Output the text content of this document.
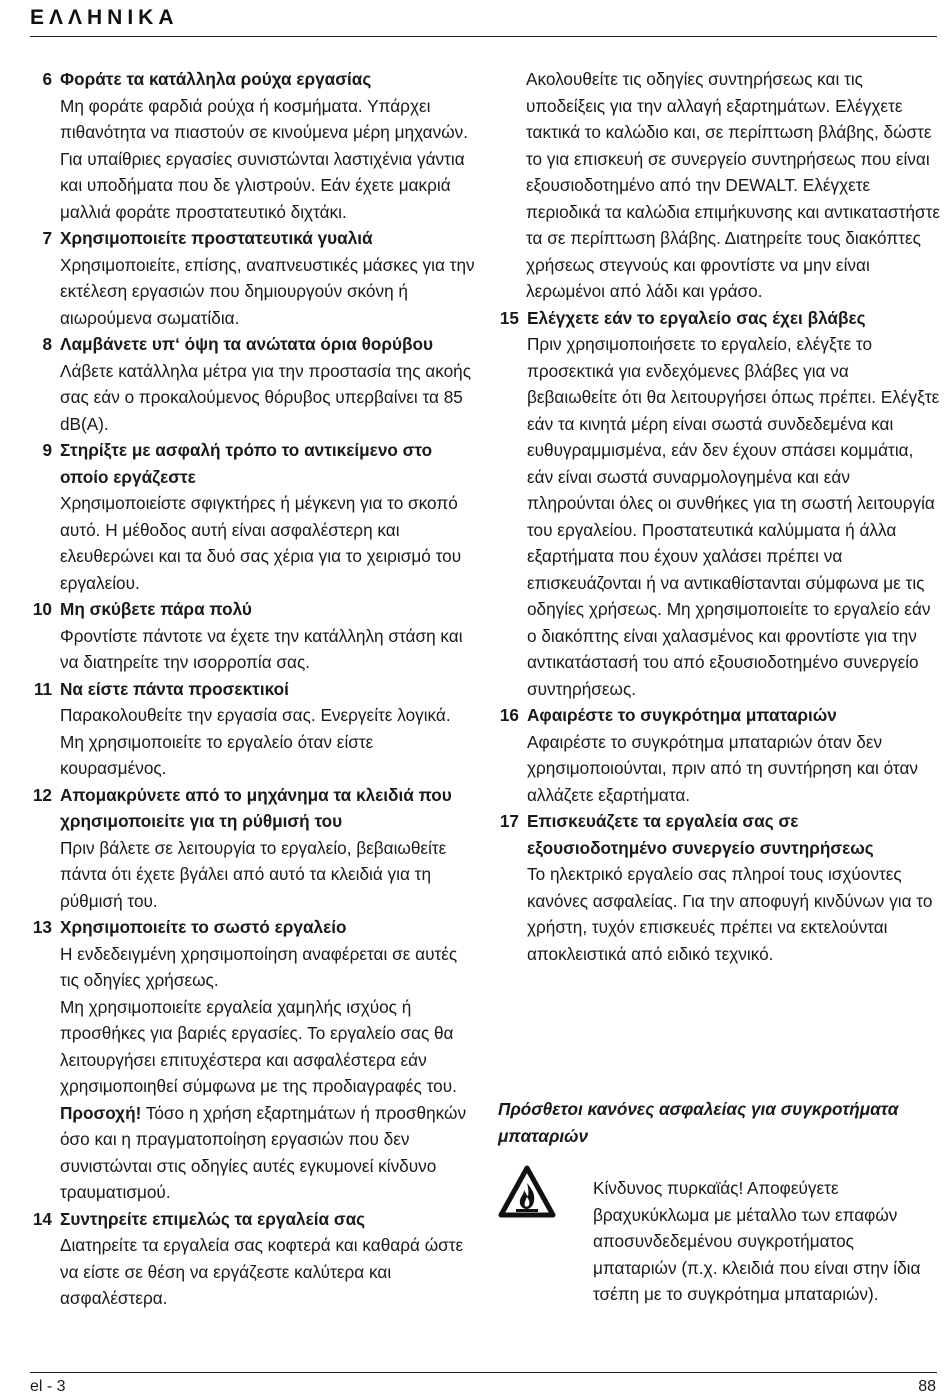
ΕΛΛΗΝΙΚΑ
6 Φοράτε τα κατάλληλα ρούχα εργασίας

Μη φοράτε φαρδιά ρούχα ή κοσμήματα. Υπάρχει πιθανότητα να πιαστούν σε κινούμενα μέρη μηχανών. Για υπαίθριες εργασίες συνιστώνται λαστιχένια γάντια και υποδήματα που δε γλιστρούν. Εάν έχετε μακριά μαλλιά φοράτε προστατευτικό διχτάκι.

7 Χρησιμοποιείτε προστατευτικά γυαλιά

Χρησιμοποιείτε, επίσης, αναπνευστικές μάσκες για την εκτέλεση εργασιών που δημιουργούν σκόνη ή αιωρούμενα σωματίδια.

8 Λαμβάνετε υπ‘ όψη τα ανώτατα όρια θορύβου

Λάβετε κατάλληλα μέτρα για την προστασία της ακοής σας εάν ο προκαλούμενος θόρυβος υπερβαίνει τα 85 dB(A).

9 Στηρίξτε με ασφαλή τρόπο το αντικείμενο στο οποίο εργάζεστε

Χρησιμοποιείστε σφιγκτήρες ή μέγκενη για το σκοπό αυτό. Η μέθοδος αυτή είναι ασφαλέστερη και ελευθερώνει και τα δυό σας χέρια για το χειρισμό του εργαλείου.

10 Μη σκύβετε πάρα πολύ

Φροντίστε πάντοτε να έχετε την κατάλληλη στάση και να διατηρείτε την ισορροπία σας.

11 Να είστε πάντα προσεκτικοί

Παρακολουθείτε την εργασία σας. Ενεργείτε λογικά. Μη χρησιμοποιείτε το εργαλείο όταν είστε κουρασμένος.

12 Απομακρύνετε από το μηχάνημα τα κλειδιά που χρησιμοποιείτε για τη ρύθμισή του

Πριν βάλετε σε λειτουργία το εργαλείο, βεβαιωθείτε πάντα ότι έχετε βγάλει από αυτό τα κλειδιά για τη ρύθμισή του.

13 Χρησιμοποιείτε το σωστό εργαλείο

Η ενδεδειγμένη χρησιμοποίηση αναφέρεται σε αυτές τις οδηγίες χρήσεως.

Μη χρησιμοποιείτε εργαλεία χαμηλής ισχύος ή προσθήκες για βαριές εργασίες. Το εργαλείο σας θα λειτουργήσει επιτυχέστερα και ασφαλέστερα εάν χρησιμοποιηθεί σύμφωνα με της προδιαγραφές του.

Προσοχή! Τόσο η χρήση εξαρτημάτων ή προσθηκών όσο και η πραγματοποίηση εργασιών που δεν συνιστώνται στις οδηγίες αυτές εγκυμονεί κίνδυνο τραυματισμού.

14 Συντηρείτε επιμελώς τα εργαλεία σας

Διατηρείτε τα εργαλεία σας κοφτερά και καθαρά ώστε να είστε σε θέση να εργάζεστε καλύτερα και ασφαλέστερα.

Ακολουθείτε τις οδηγίες συντηρήσεως και τις υποδείξεις για την αλλαγή εξαρτημάτων. Ελέγχετε τακτικά το καλώδιο και, σε περίπτωση βλάβης, δώστε το για επισκευή σε συνεργείο συντηρήσεως που είναι εξουσιοδοτημένο από την DEWALT. Ελέγχετε περιοδικά τα καλώδια επιμήκυνσης και αντικαταστήστε τα σε περίπτωση βλάβης. Διατηρείτε τους διακόπτες χρήσεως στεγνούς και φροντίστε να μην είναι λερωμένοι από λάδι και γράσο.

15 Ελέγχετε εάν το εργαλείο σας έχει βλάβες

Πριν χρησιμοποιήσετε το εργαλείο, ελέγξτε το προσεκτικά για ενδεχόμενες βλάβες για να βεβαιωθείτε ότι θα λειτουργήσει όπως πρέπει. Ελέγξτε εάν τα κινητά μέρη είναι σωστά συνδεδεμένα και ευθυγραμμισμένα, εάν δεν έχουν σπάσει κομμάτια, εάν είναι σωστά συναρμολογημένα και εάν πληρούνται όλες οι συνθήκες για τη σωστή λειτουργία του εργαλείου. Προστατευτικά καλύμματα ή άλλα εξαρτήματα που έχουν χαλάσει πρέπει να επισκευάζονται ή να αντικαθίστανται σύμφωνα με τις οδηγίες χρήσεως. Μη χρησιμοποιείτε το εργαλείο εάν ο διακόπτης είναι χαλασμένος και φροντίστε για την αντικατάστασή του από εξουσιοδοτημένο συνεργείο συντηρήσεως.

16 Αφαιρέστε το συγκρότημα μπαταριών

Αφαιρέστε το συγκρότημα μπαταριών όταν δεν χρησιμοποιούνται, πριν από τη συντήρηση και όταν αλλάζετε εξαρτήματα.

17 Επισκευάζετε τα εργαλεία σας σε εξουσιοδοτημένο συνεργείο συντηρήσεως

Το ηλεκτρικό εργαλείο σας πληροί τους ισχύοντες κανόνες ασφαλείας. Για την αποφυγή κινδύνων για το χρήστη, τυχόν επισκευές πρέπει να εκτελούνται αποκλειστικά από ειδικό τεχνικό.

Πρόσθετοι κανόνες ασφαλείας για συγκροτήματα μπαταριών
Κίνδυνος πυρκαϊάς! Αποφεύγετε βραχυκύκλωμα με μέταλλο των επαφών αποσυνδεδεμένου συγκροτήματος μπαταριών (π.χ. κλειδιά που είναι στην ίδια τσέπη με το συγκρότημα μπαταριών).
el - 3	88
